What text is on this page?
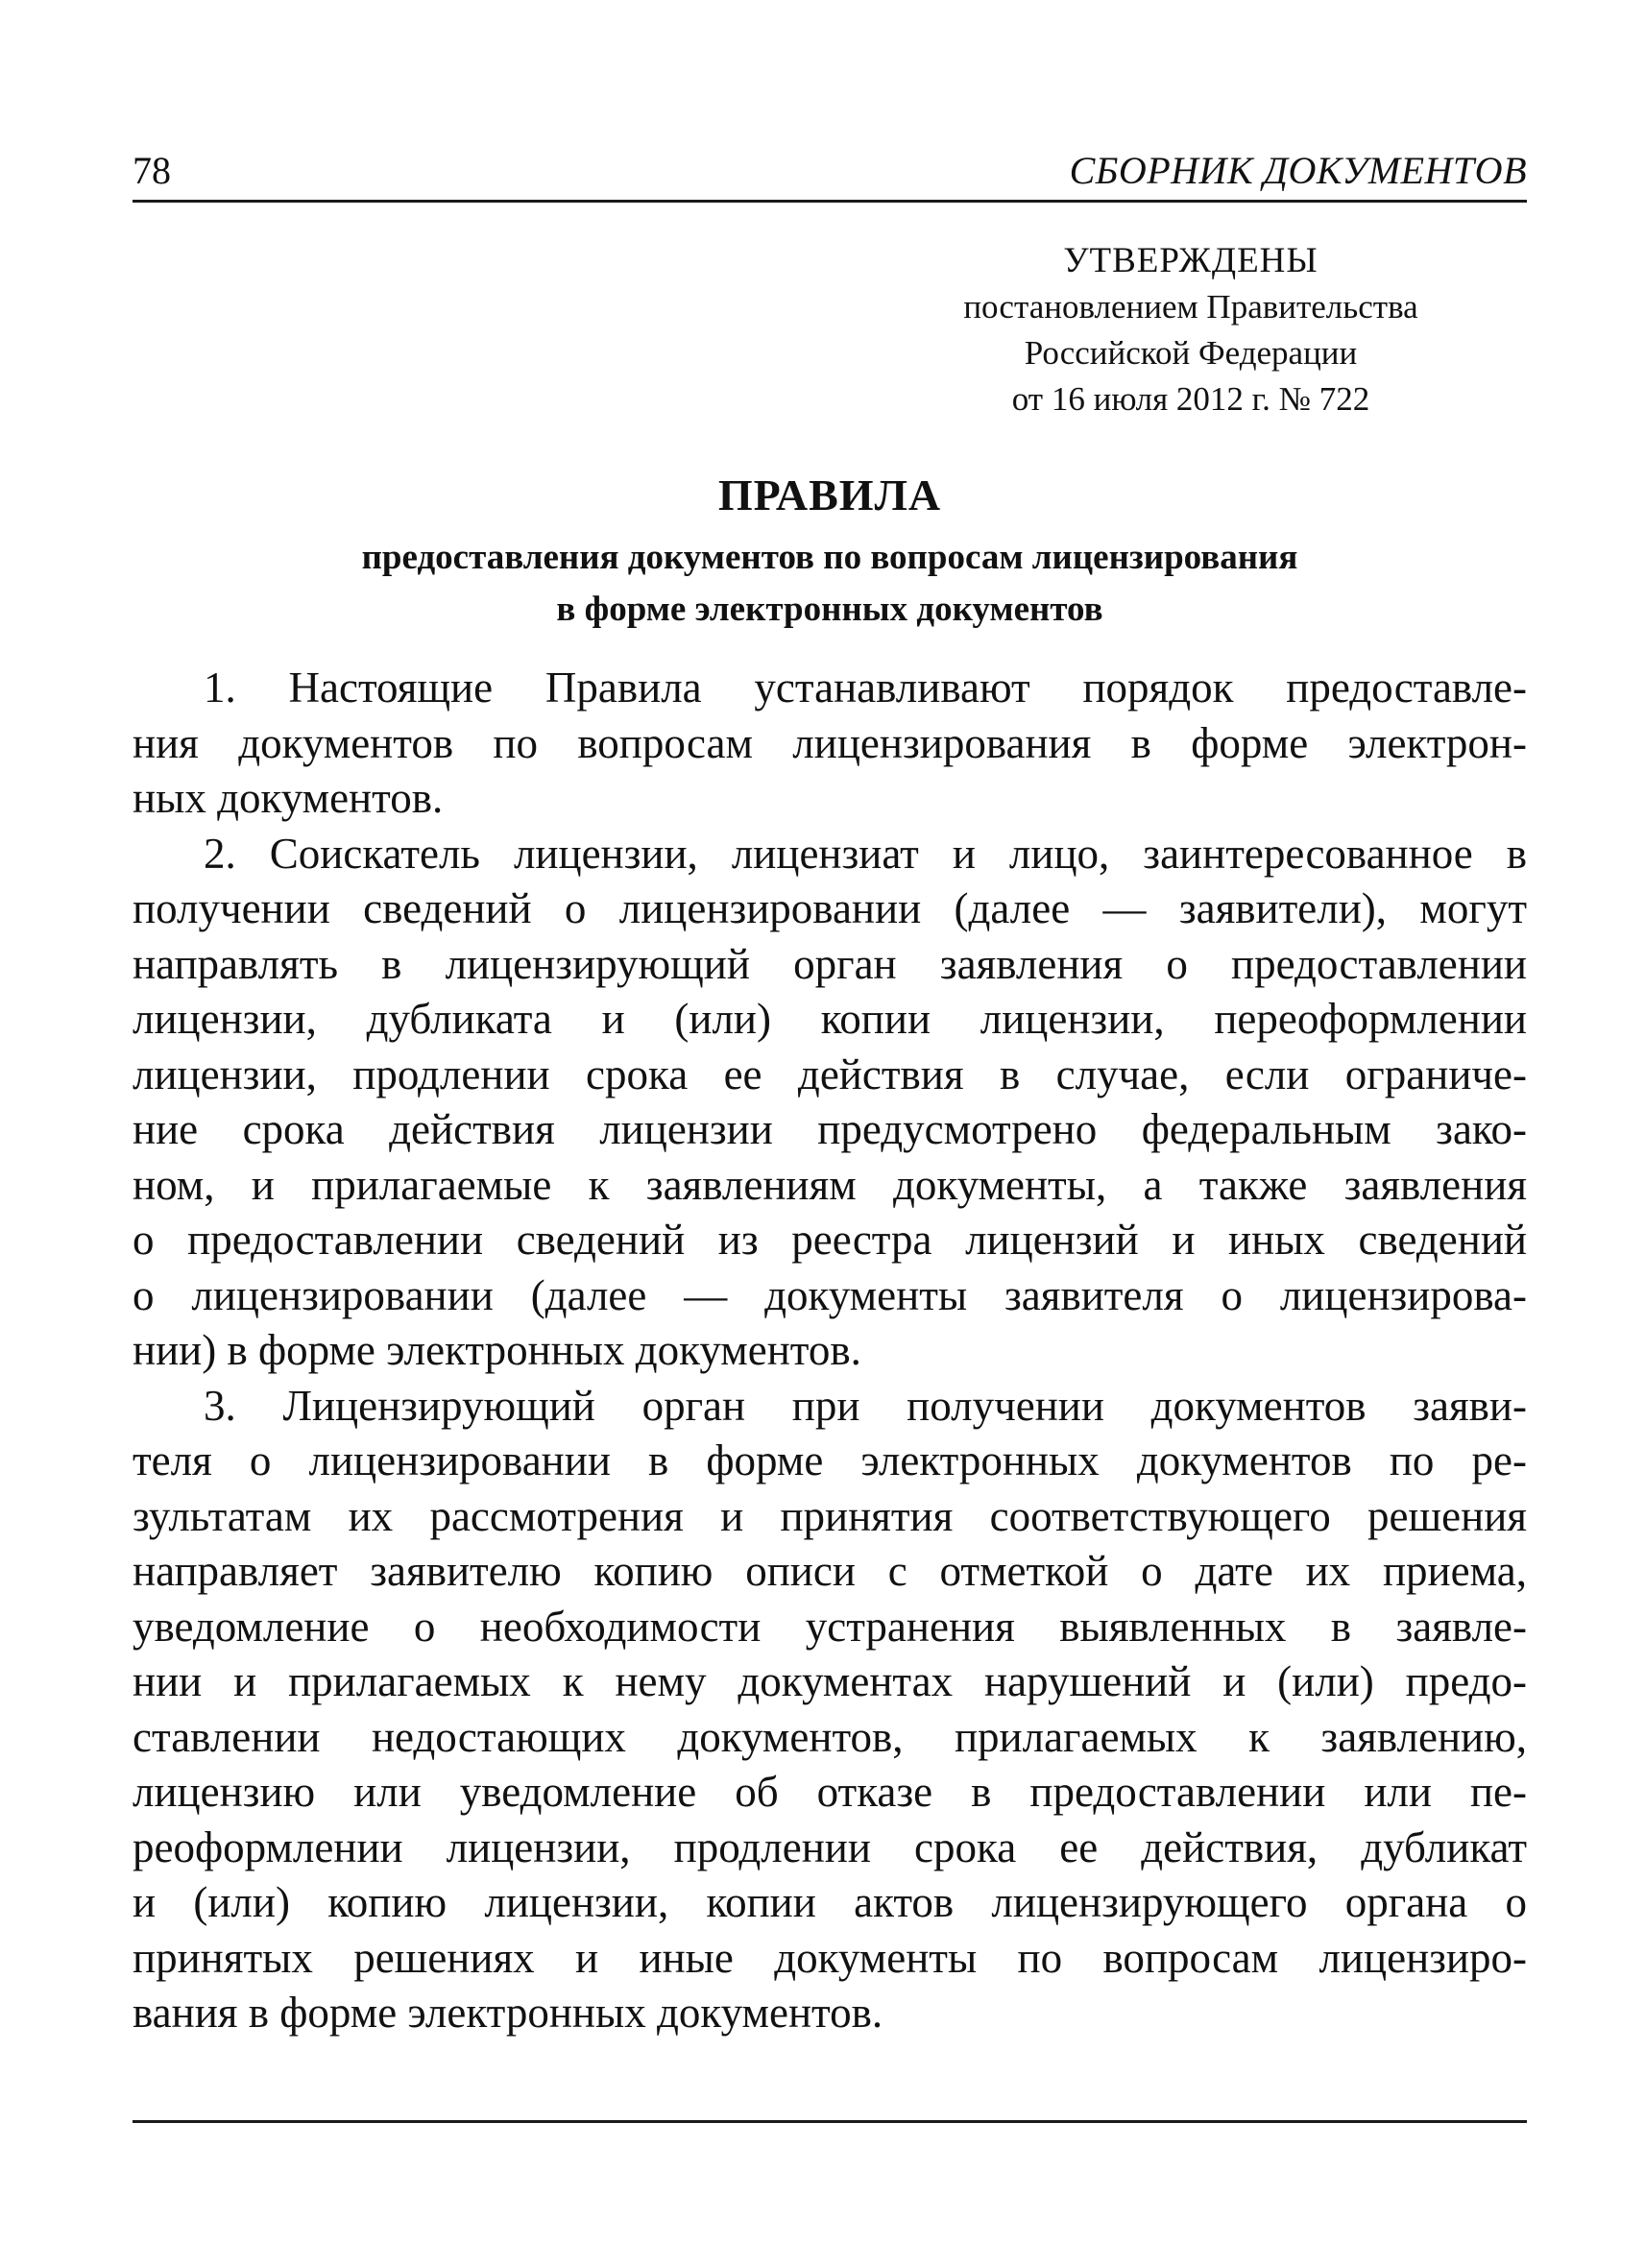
78	СБОРНИК ДОКУМЕНТОВ
УТВЕРЖДЕНЫ
постановлением Правительства
Российской Федерации
от 16 июля 2012 г. № 722
ПРАВИЛА
предоставления документов по вопросам лицензирования
в форме электронных документов
1. Настоящие Правила устанавливают порядок предоставле-
ния документов по вопросам лицензирования в форме электрон-
ных документов.
2. Соискатель лицензии, лицензиат и лицо, заинтересованное в
получении сведений о лицензировании (далее — заявители), могут
направлять в лицензирующий орган заявления о предоставлении
лицензии, дубликата и (или) копии лицензии, переоформлении
лицензии, продлении срока ее действия в случае, если ограниче-
ние срока действия лицензии предусмотрено федеральным зако-
ном, и прилагаемые к заявлениям документы, а также заявления
о предоставлении сведений из реестра лицензий и иных сведений
о лицензировании (далее — документы заявителя о лицензирова-
нии) в форме электронных документов.
3. Лицензирующий орган при получении документов заяви-
теля о лицензировании в форме электронных документов по ре-
зультатам их рассмотрения и принятия соответствующего решения
направляет заявителю копию описи с отметкой о дате их приема,
уведомление о необходимости устранения выявленных в заявле-
нии и прилагаемых к нему документах нарушений и (или) предо-
ставлении недостающих документов, прилагаемых к заявлению,
лицензию или уведомление об отказе в предоставлении или пе-
реоформлении лицензии, продлении срока ее действия, дубликат
и (или) копию лицензии, копии актов лицензирующего органа о
принятых решениях и иные документы по вопросам лицензиро-
вания в форме электронных документов.
